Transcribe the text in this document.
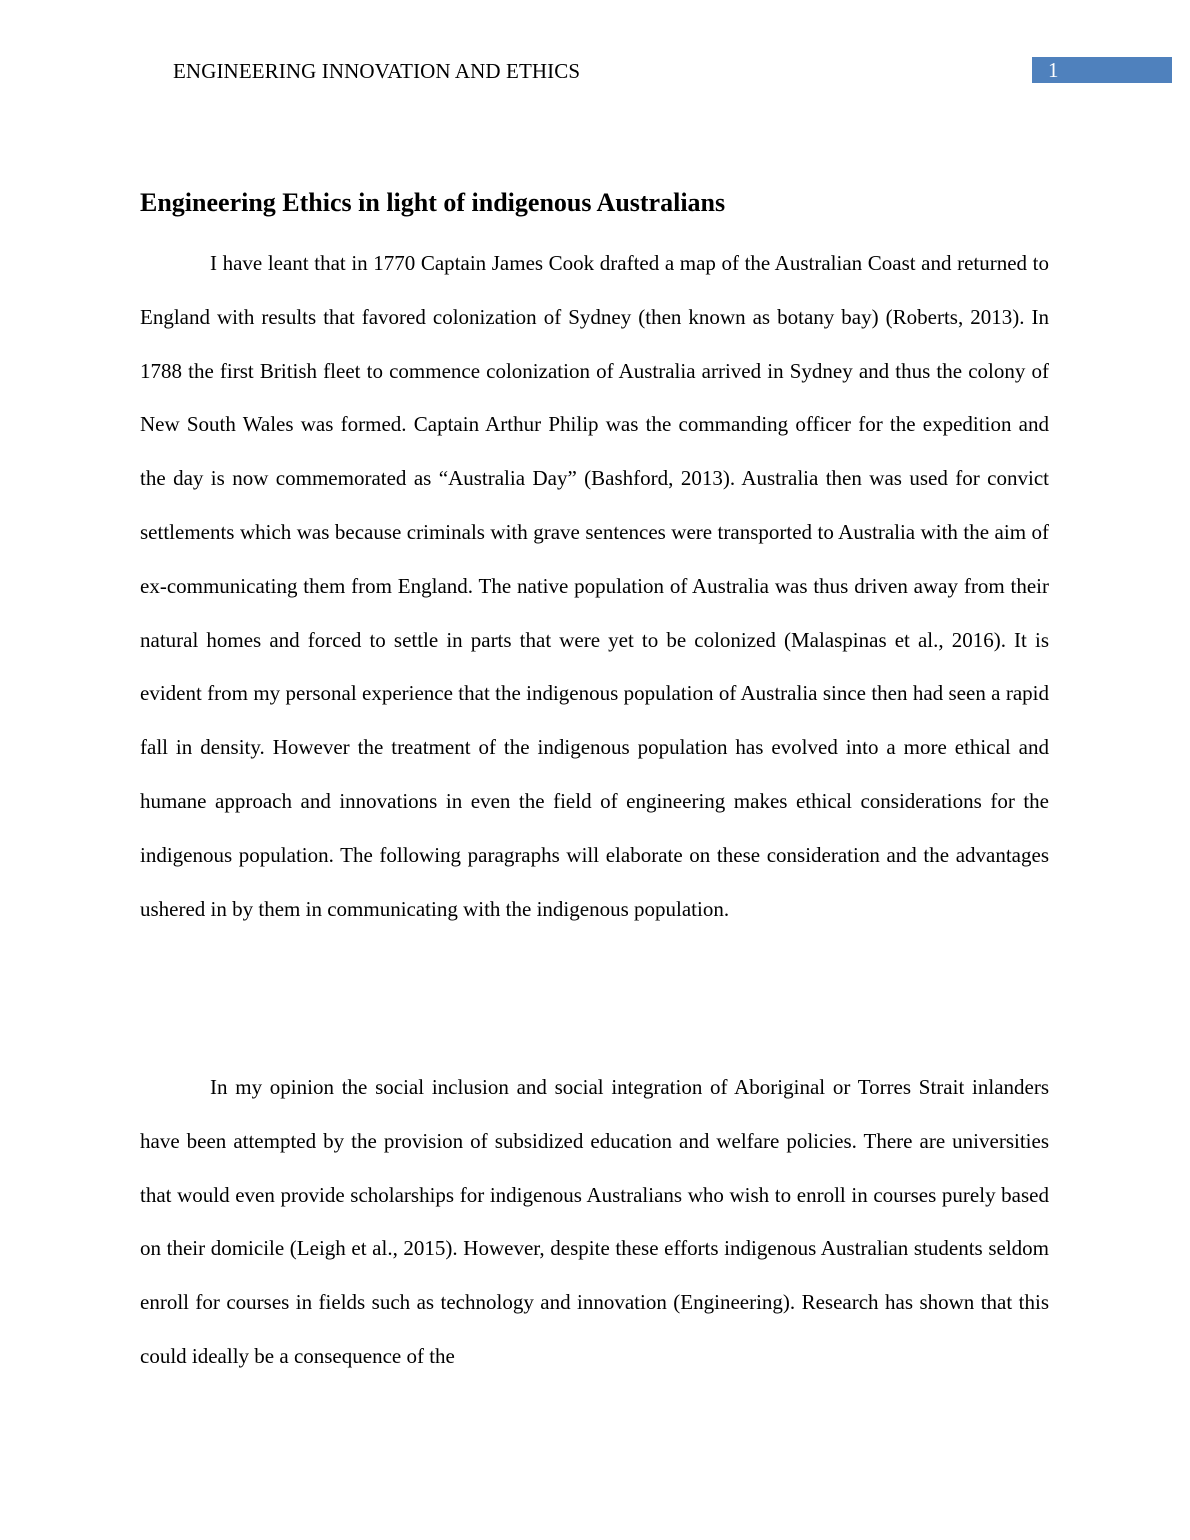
ENGINEERING INNOVATION AND ETHICS	1
Engineering Ethics in light of indigenous Australians

I have leant that in 1770 Captain James Cook drafted a map of the Australian Coast and returned to England with results that favored colonization of Sydney (then known as botany bay) (Roberts, 2013). In 1788 the first British fleet to commence colonization of Australia arrived in Sydney and thus the colony of New South Wales was formed. Captain Arthur Philip was the commanding officer for the expedition and the day is now commemorated as “Australia Day” (Bashford, 2013). Australia then was used for convict settlements which was because criminals with grave sentences were transported to Australia with the aim of ex-communicating them from England. The native population of Australia was thus driven away from their natural homes and forced to settle in parts that were yet to be colonized (Malaspinas et al., 2016). It is evident from my personal experience that the indigenous population of Australia since then had seen a rapid fall in density. However the treatment of the indigenous population has evolved into a more ethical and humane approach and innovations in even the field of engineering makes ethical considerations for the indigenous population. The following paragraphs will elaborate on these consideration and the advantages ushered in by them in communicating with the indigenous population.

In my opinion the social inclusion and social integration of Aboriginal or Torres Strait inlanders have been attempted by the provision of subsidized education and welfare policies. There are universities that would even provide scholarships for indigenous Australians who wish to enroll in courses purely based on their domicile (Leigh et al., 2015). However, despite these efforts indigenous Australian students seldom enroll for courses in fields such as technology and innovation (Engineering). Research has shown that this could ideally be a consequence of the
